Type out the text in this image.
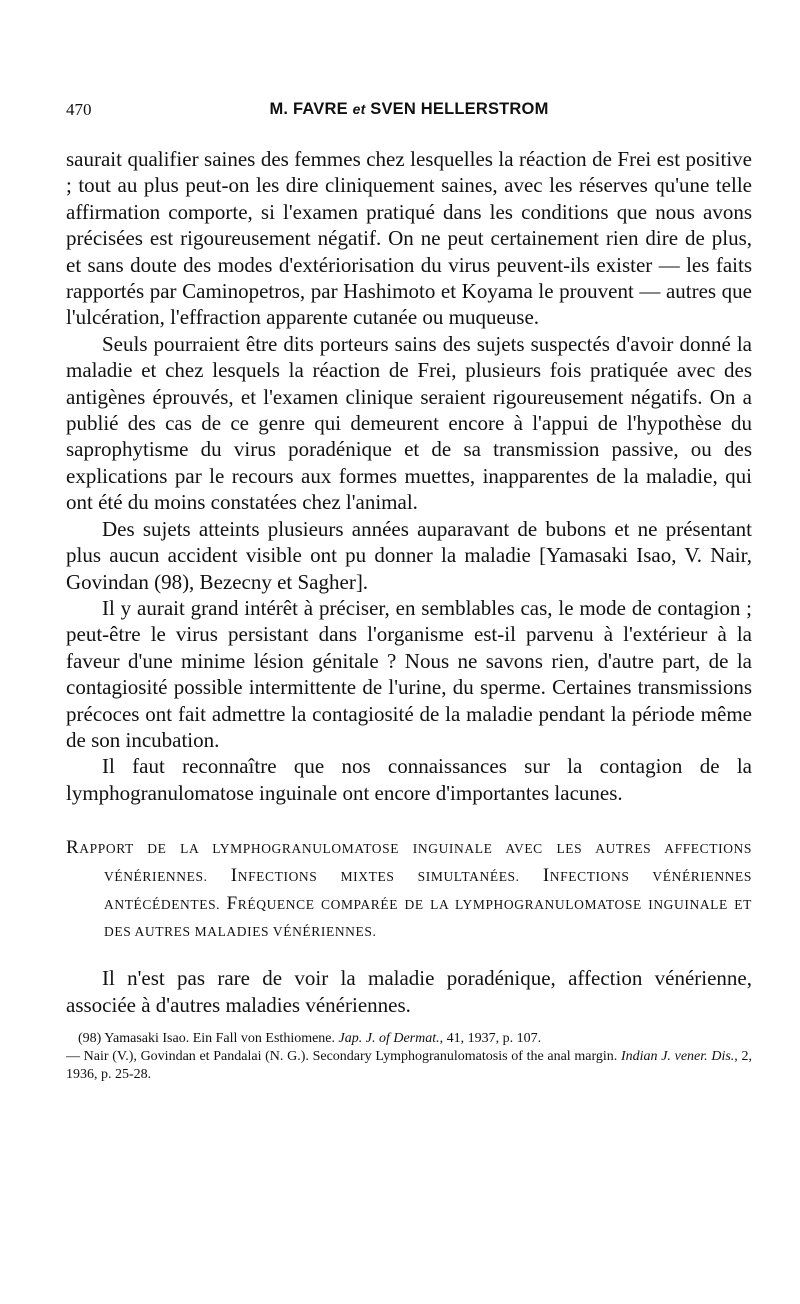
470	M. FAVRE et SVEN HELLERSTROM

saurait qualifier saines des femmes chez lesquelles la réaction de Frei est positive ; tout au plus peut-on les dire cliniquement saines, avec les réserves qu'une telle affirmation comporte, si l'examen pratiqué dans les conditions que nous avons précisées est rigoureusement négatif. On ne peut certainement rien dire de plus, et sans doute des modes d'extériorisation du virus peuvent-ils exister — les faits rapportés par Caminopetros, par Hashimoto et Koyama le prouvent — autres que l'ulcération, l'effraction apparente cutanée ou muqueuse.

Seuls pourraient être dits porteurs sains des sujets suspectés d'avoir donné la maladie et chez lesquels la réaction de Frei, plusieurs fois pratiquée avec des antigènes éprouvés, et l'examen clinique seraient rigoureusement négatifs. On a publié des cas de ce genre qui demeurent encore à l'appui de l'hypothèse du saprophytisme du virus poradénique et de sa transmission passive, ou des explications par le recours aux formes muettes, inapparentes de la maladie, qui ont été du moins constatées chez l'animal.

Des sujets atteints plusieurs années auparavant de bubons et ne présentant plus aucun accident visible ont pu donner la maladie [Yamasaki Isao, V. Nair, Govindan (98), Bezecny et Sagher].

Il y aurait grand intérêt à préciser, en semblables cas, le mode de contagion ; peut-être le virus persistant dans l'organisme est-il parvenu à l'extérieur à la faveur d'une minime lésion génitale ? Nous ne savons rien, d'autre part, de la contagiosité possible intermittente de l'urine, du sperme. Certaines transmissions précoces ont fait admettre la contagiosité de la maladie pendant la période même de son incubation.

Il faut reconnaître que nos connaissances sur la contagion de la lymphogranulomatose inguinale ont encore d'importantes lacunes.

RAPPORT DE LA LYMPHOGRANULOMATOSE INGUINALE AVEC LES AUTRES AFFECTIONS VÉNÉRIENNES. INFECTIONS MIXTES SIMULTANÉES. INFECTIONS VÉNÉRIENNES ANTÉCÉDENTES. FRÉQUENCE COMPARÉE DE LA LYMPHOGRANULOMATOSE INGUINALE ET DES AUTRES MALADIES VÉNÉRIENNES.

Il n'est pas rare de voir la maladie poradénique, affection vénérienne, associée à d'autres maladies vénériennes.

(98) Yamasaki Isao. Ein Fall von Esthiomene. Jap. J. of Dermat., 41, 1937, p. 107.

— Nair (V.), Govindan et Pandalai (N. G.). Secondary Lymphogranulomatosis of the anal margin. Indian J. vener. Dis., 2, 1936, p. 25-28.
